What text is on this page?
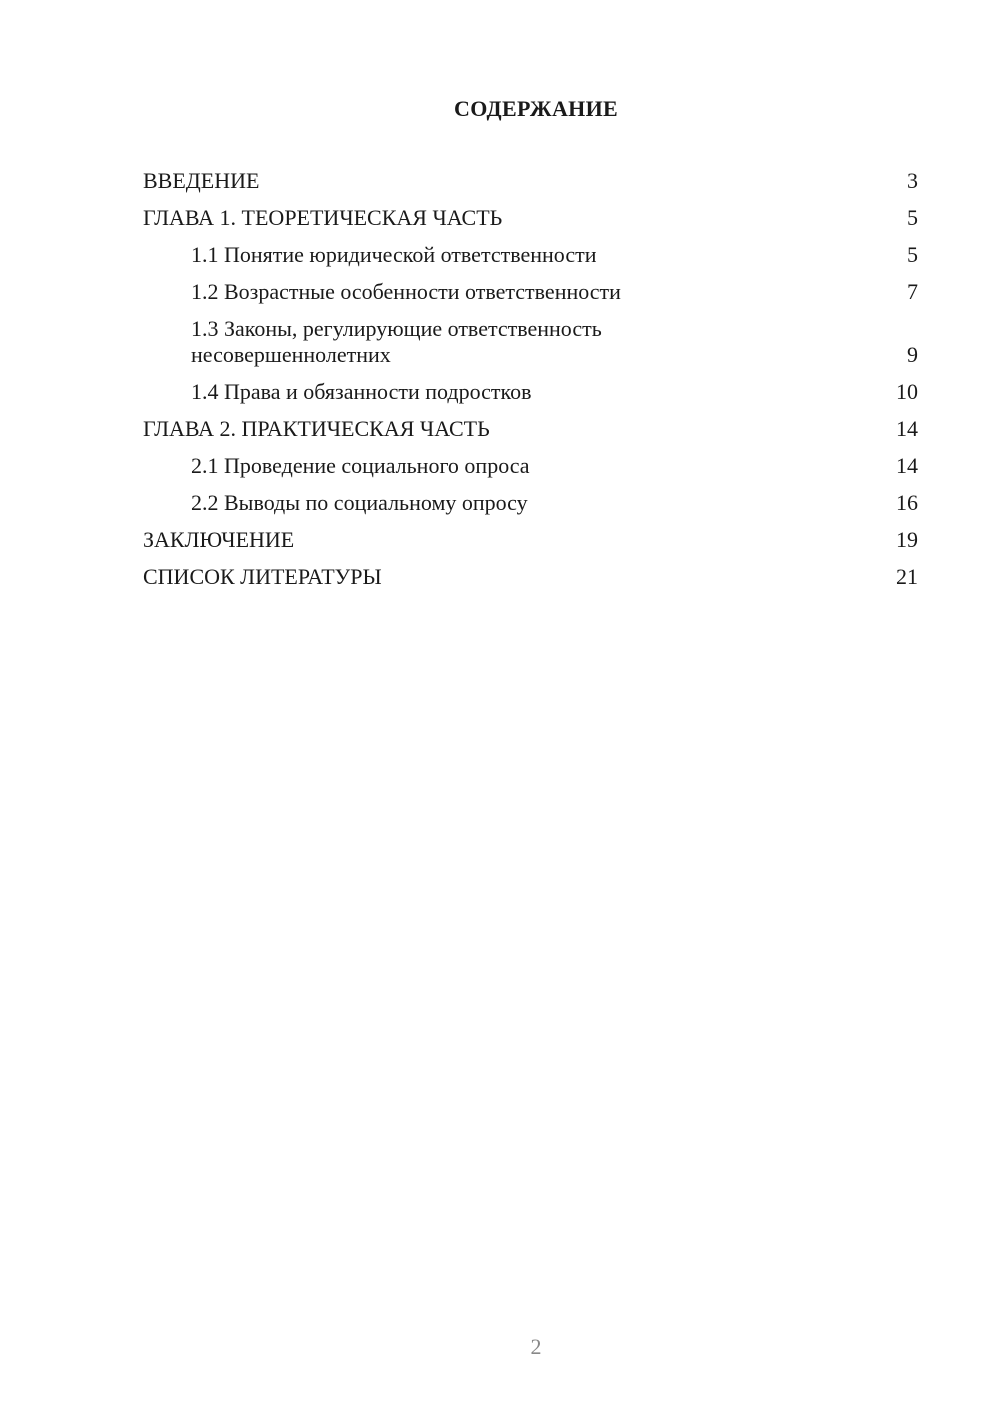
СОДЕРЖАНИЕ
ВВЕДЕНИЕ	3
ГЛАВА 1. ТЕОРЕТИЧЕСКАЯ ЧАСТЬ	5
1.1 Понятие юридической ответственности	5
1.2 Возрастные особенности ответственности	7
1.3 Законы, регулирующие ответственность несовершеннолетних	9
1.4 Права и обязанности подростков	10
ГЛАВА 2. ПРАКТИЧЕСКАЯ ЧАСТЬ	14
2.1 Проведение социального опроса	14
2.2 Выводы по социальному опросу	16
ЗАКЛЮЧЕНИЕ	19
СПИСОК ЛИТЕРАТУРЫ	21
2
